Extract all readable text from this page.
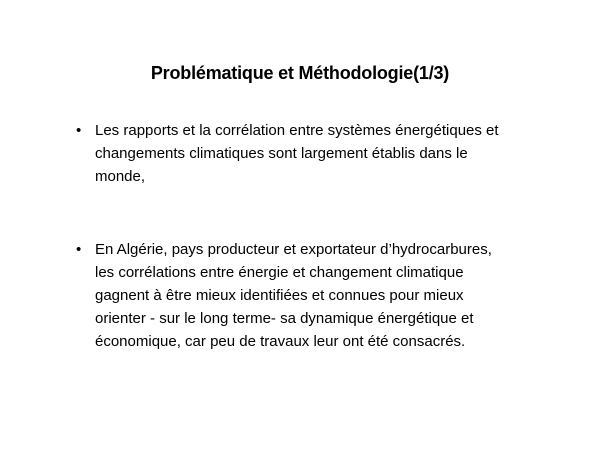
Problématique et Méthodologie(1/3)
• Les rapports et la corrélation entre systèmes énergétiques et
changements climatiques sont largement établis dans le
monde,
• En Algérie, pays producteur et exportateur d’hydrocarbures,
les corrélations entre énergie et changement climatique
gagnent à être mieux identifiées et connues pour mieux
orienter - sur le long terme- sa dynamique énergétique et
économique, car peu de travaux leur ont été consacrés.
